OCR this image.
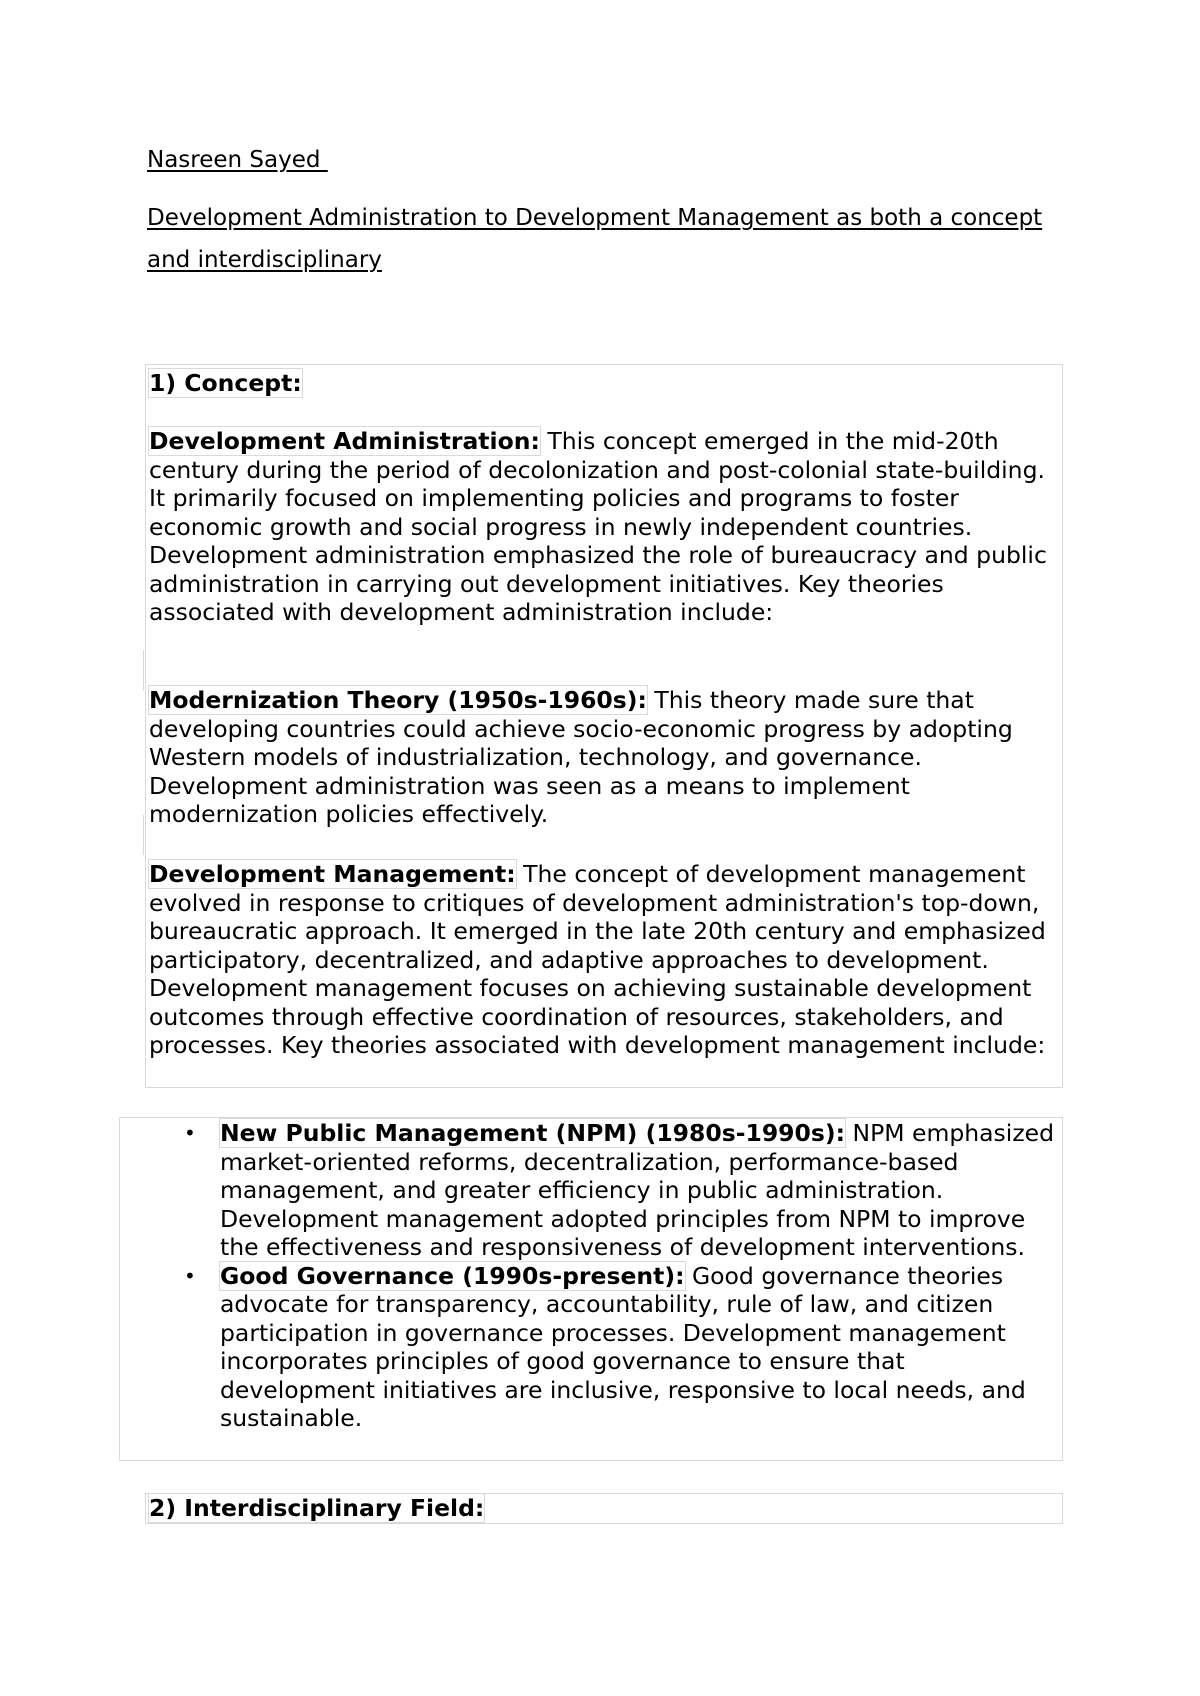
Nasreen Sayed
Development Administration to Development Management as both a concept and interdisciplinary
1) Concept:
Development Administration: This concept emerged in the mid-20th century during the period of decolonization and post-colonial state-building. It primarily focused on implementing policies and programs to foster economic growth and social progress in newly independent countries. Development administration emphasized the role of bureaucracy and public administration in carrying out development initiatives. Key theories associated with development administration include:
Modernization Theory (1950s-1960s): This theory made sure that developing countries could achieve socio-economic progress by adopting Western models of industrialization, technology, and governance. Development administration was seen as a means to implement modernization policies effectively.
Development Management: The concept of development management evolved in response to critiques of development administration's top-down, bureaucratic approach. It emerged in the late 20th century and emphasized participatory, decentralized, and adaptive approaches to development. Development management focuses on achieving sustainable development outcomes through effective coordination of resources, stakeholders, and processes. Key theories associated with development management include:
• New Public Management (NPM) (1980s-1990s): NPM emphasized market-oriented reforms, decentralization, performance-based management, and greater efficiency in public administration. Development management adopted principles from NPM to improve the effectiveness and responsiveness of development interventions.
• Good Governance (1990s-present): Good governance theories advocate for transparency, accountability, rule of law, and citizen participation in governance processes. Development management incorporates principles of good governance to ensure that development initiatives are inclusive, responsive to local needs, and sustainable.
2) Interdisciplinary Field:
